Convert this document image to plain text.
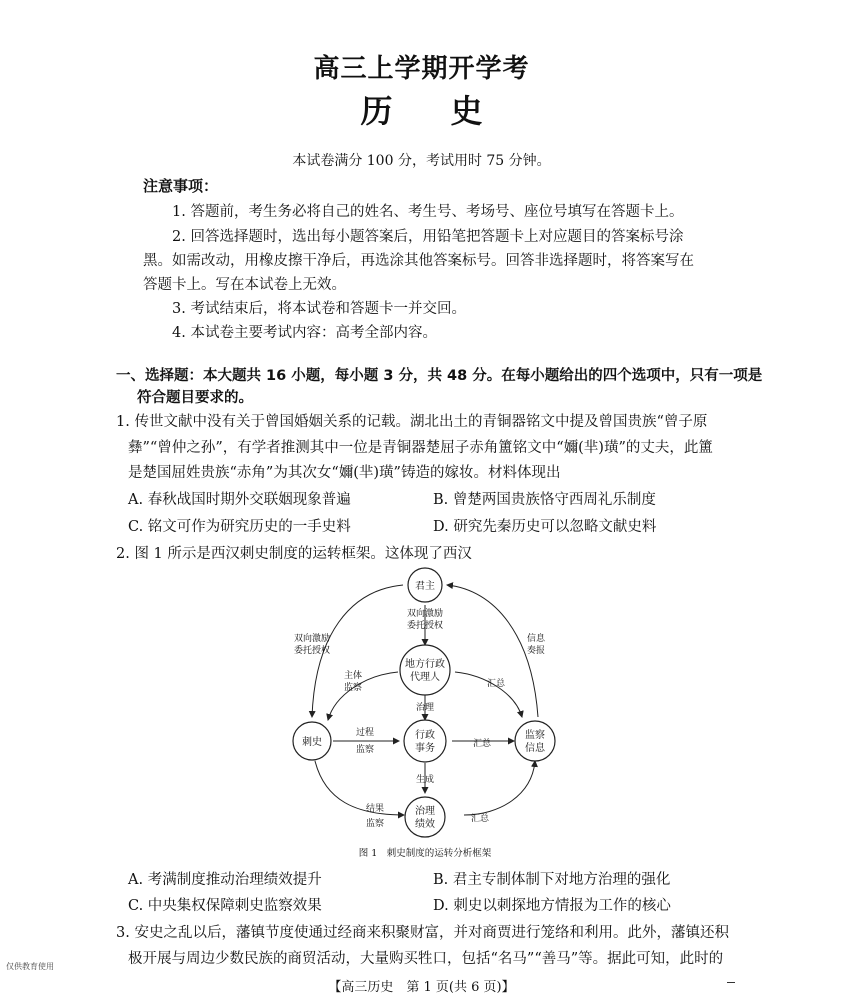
高三上学期开学考
历 史
本试卷满分 100 分，考试用时 75 分钟。
注意事项：
1. 答题前，考生务必将自己的姓名、考生号、考场号、座位号填写在答题卡上。
2. 回答选择题时，选出每小题答案后，用铅笔把答题卡上对应题目的答案标号涂
黑。如需改动，用橡皮擦干净后，再选涂其他答案标号。回答非选择题时，将答案写在
答题卡上。写在本试卷上无效。
3. 考试结束后，将本试卷和答题卡一并交回。
4. 本试卷主要考试内容：高考全部内容。
一、选择题：本大题共 16 小题，每小题 3 分，共 48 分。在每小题给出的四个选项中，只有一项是
符合题目要求的。
1. 传世文献中没有关于曾国婚姻关系的记载。湖北出土的青铜器铭文中提及曾国贵族“曾子原
彝”“曾仲之孙”，有学者推测其中一位是青铜器楚屈子赤角簠铭文中“嬭(芈)璜”的丈夫，此簠
是楚国屈姓贵族“赤角”为其次女“嬭(芈)璜”铸造的嫁妆。材料体现出
A. 春秋战国时期外交联姻现象普遍	B. 曾楚两国贵族恪守西周礼乐制度
C. 铭文可作为研究历史的一手史料	D. 研究先秦历史可以忽略文献史料
2. 图 1 所示是西汉刺史制度的运转框架。这体现了西汉
君主
地方行政
代理人
刺史
行政
事务
监察
信息
治理
绩效
双向激励
委托授权
双向激励
委托授权
信息
奏报
主体
监察	汇总
治理
过程
监察
汇总
生成
结果
监察	汇总
图 1　刺史制度的运转分析框架
A. 考满制度推动治理绩效提升	B. 君主专制体制下对地方治理的强化
C. 中央集权保障刺史监察效果	D. 刺史以刺探地方情报为工作的核心
3. 安史之乱以后，藩镇节度使通过经商来积聚财富，并对商贾进行笼络和利用。此外，藩镇还积
极开展与周边少数民族的商贸活动，大量购买牲口，包括“名马”“善马”等。据此可知，此时的
仅供教育使用
【高三历史　第 1 页(共 6 页)】
